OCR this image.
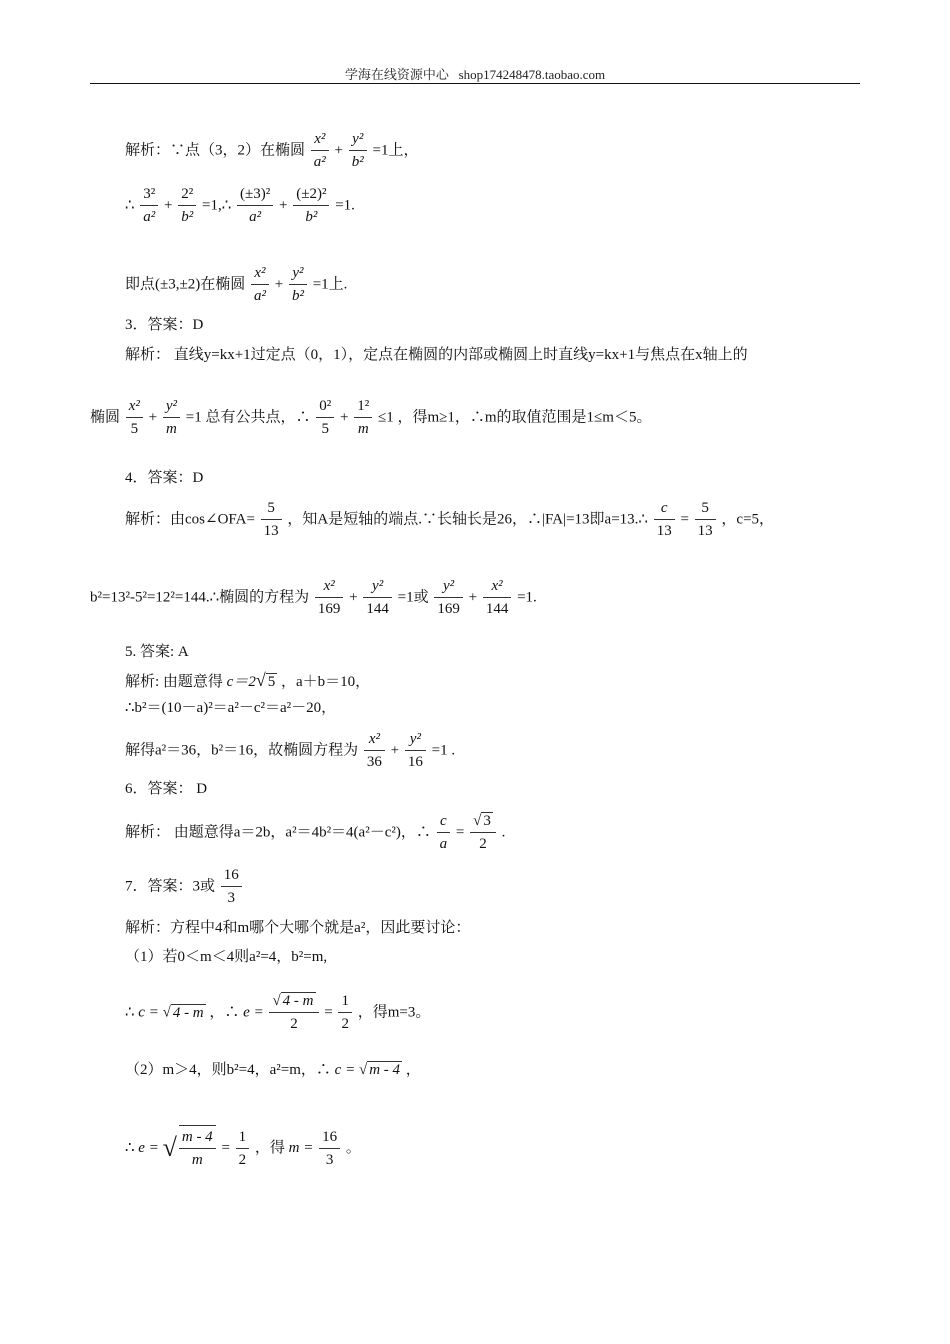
学海在线资源中心 shop174248478.taobao.com
解析：∵点（3，2）在椭圆 $\frac{\text{x²}}{\text{a²}} + \frac{\text{y²}}{\text{b²}} =1$上，
∴ $\frac{\text{3²}}{\text{a²}} + \frac{\text{2²}}{\text{b²}}$ =1,∴ $\frac{\text{(±3)²}}{\text{a²}} + \frac{\text{(±2)²}}{\text{b²}} =1$.
即点(±3,±2)在椭圆 $\frac{\text{x²}}{\text{a²}} + \frac{\text{y²}}{\text{b²}} =1$上.
3．答案：D
解析： 直线y=kx+1过定点（0，1），定点在椭圆的内部或椭圆上时直线y=kx+1与焦点在x轴上的
椭圆 $\frac{\text{x²}}{5} + \frac{\text{y²}}{m} =1$ 总有公共点，∴ $\frac{\text{0²}}{5} + \frac{\text{1²}}{m} \le 1$ ，得m≥1，∴m的取值范围是1≤m＜5。
4．答案：D
解析：由cos∠OFA= $\frac{5}{13}$ ，知A是短轴的端点.∵长轴长是26，∴|FA|=13即a=13.∴ $\frac{c}{13} = \frac{5}{13}$ ，c=5，
b²=13²-5²=12²=144.∴椭圆的方程为 $\frac{\text{x²}}{169} + \frac{\text{y²}}{144} =1$或 $\frac{\text{y²}}{169} + \frac{\text{x²}}{144} =1$.
5. 答案: A
解析: 由题意得 c＝2√ 5 ，a＋b＝10，
∴b²＝(10－a)²＝a²－c²＝a²－20，
解得a²＝36，b²＝16，故椭圆方程为 $\frac{\text{x²}}{36} + \frac{\text{y²}}{16} =1$ .
6．答案： D
解析： 由题意得a＝2b，a²＝4b²＝4(a²－c²)，∴ $\frac{c}{a} = \frac{√ 3}{2}$ .
7．答案：3或 $\frac{16}{3}$
解析：方程中4和m哪个大哪个就是a²，因此要讨论：
（1）若0＜m＜4则a²=4，b²=m,
∴ c = √ 4 - m ，∴ $e = \frac{√ 4 - m}{2} = \frac{1}{2}$ ，得m=3。
（2）m＞4，则b²=4，a²=m，∴ c = √ m - 4 ，
∴ e = √ $\frac{m - 4}{m} = \frac{1}{2}$ ，得 $m = \frac{16}{3}$ 。
